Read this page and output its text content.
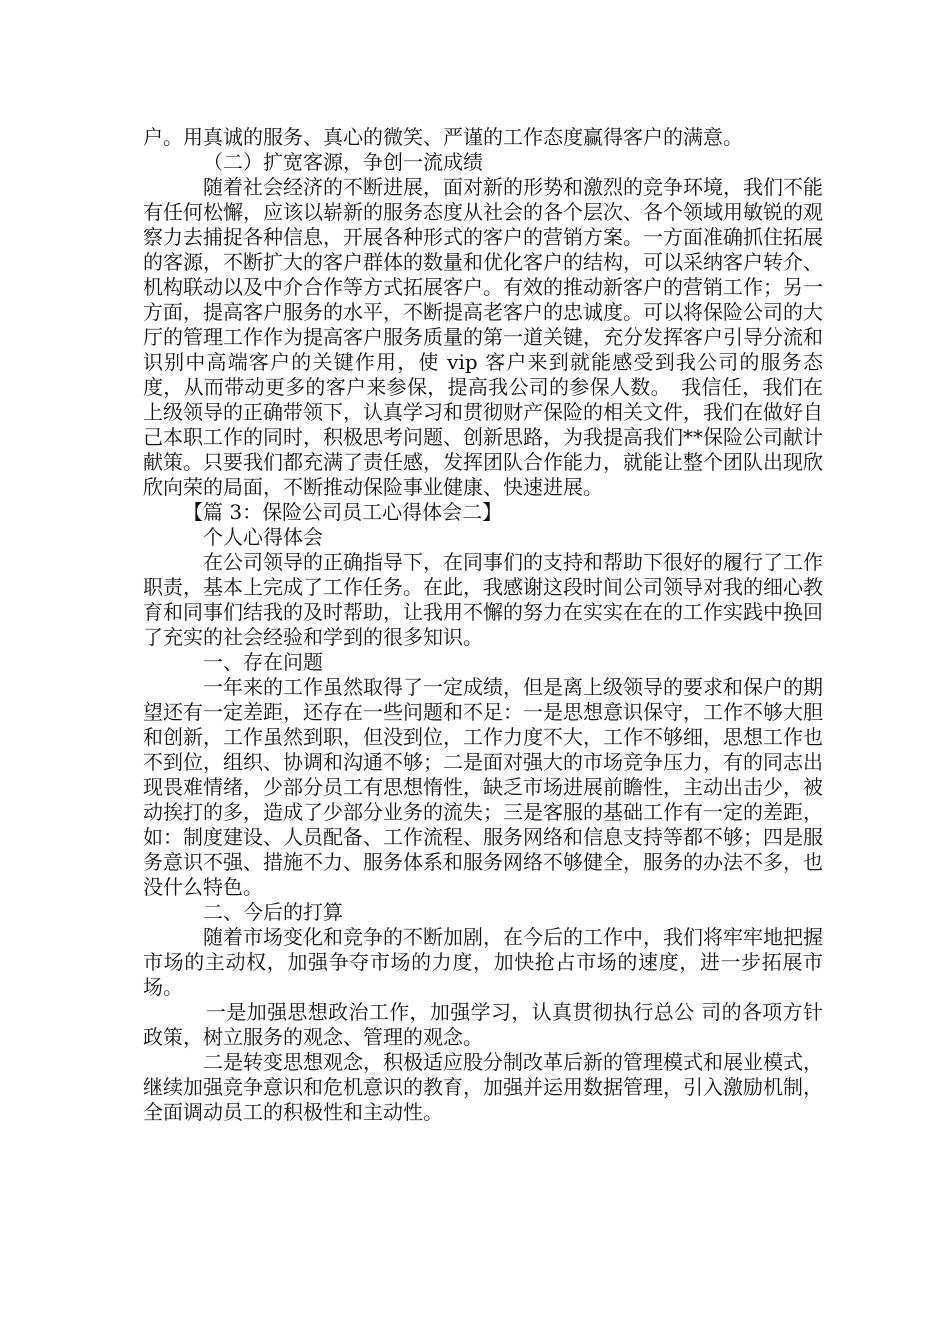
户。用真诚的服务、真心的微笑、严谨的工作态度赢得客户的满意。

（二）扩宽客源，争创一流成绩

随着社会经济的不断进展，面对新的形势和激烈的竞争环境，我们不能有任何松懈，应该以崭新的服务态度从社会的各个层次、各个领域用敏锐的观察力去捕捉各种信息，开展各种形式的客户的营销方案。一方面准确抓住拓展的客源，不断扩大的客户群体的数量和优化客户的结构，可以采纳客户转介、机构联动以及中介合作等方式拓展客户。有效的推动新客户的营销工作；另一方面，提高客户服务的水平，不断提高老客户的忠诚度。可以将保险公司的大厅的管理工作作为提高客户服务质量的第一道关键，充分发挥客户引导分流和识别中高端客户的关键作用，使 vip 客户来到就能感受到我公司的服务态度，从而带动更多的客户来参保，提高我公司的参保人数。　我信任，我们在上级领导的正确带领下，认真学习和贯彻财产保险的相关文件，我们在做好自己本职工作的同时，积极思考问题、创新思路，为我提高我们**保险公司献计献策。只要我们都充满了责任感，发挥团队合作能力，就能让整个团队出现欣欣向荣的局面，不断推动保险事业健康、快速进展。

【篇 3：保险公司员工心得体会二】

个人心得体会

在公司领导的正确指导下，在同事们的支持和帮助下很好的履行了工作职责，基本上完成了工作任务。在此，我感谢这段时间公司领导对我的细心教育和同事们结我的及时帮助，让我用不懈的努力在实实在在的工作实践中换回了充实的社会经验和学到的很多知识。

一、存在问题

一年来的工作虽然取得了一定成绩，但是离上级领导的要求和保户的期望还有一定差距，还存在一些问题和不足：一是思想意识保守，工作不够大胆和创新，工作虽然到职，但没到位，工作力度不大，工作不够细，思想工作也不到位，组织、协调和沟通不够；二是面对强大的市场竞争压力，有的同志出现畏难情绪，少部分员工有思想惰性，缺乏市场进展前瞻性，主动出击少，被动挨打的多，造成了少部分业务的流失；三是客服的基础工作有一定的差距，如：制度建设、人员配备、工作流程、服务网络和信息支持等都不够；四是服务意识不强、措施不力、服务体系和服务网络不够健全，服务的办法不多，也没什么特色。

二、今后的打算

随着市场变化和竞争的不断加剧，在今后的工作中，我们将牢牢地把握市场的主动权，加强争夺市场的力度，加快抢占市场的速度，进一步拓展市场。

一是加强思想政治工作，加强学习，认真贯彻执行总公 司的各项方针政策，树立服务的观念、管理的观念。

二是转变思想观念，积极适应股分制改革后新的管理模式和展业模式，继续加强竞争意识和危机意识的教育，加强并运用数据管理，引入激励机制，全面调动员工的积极性和主动性。
